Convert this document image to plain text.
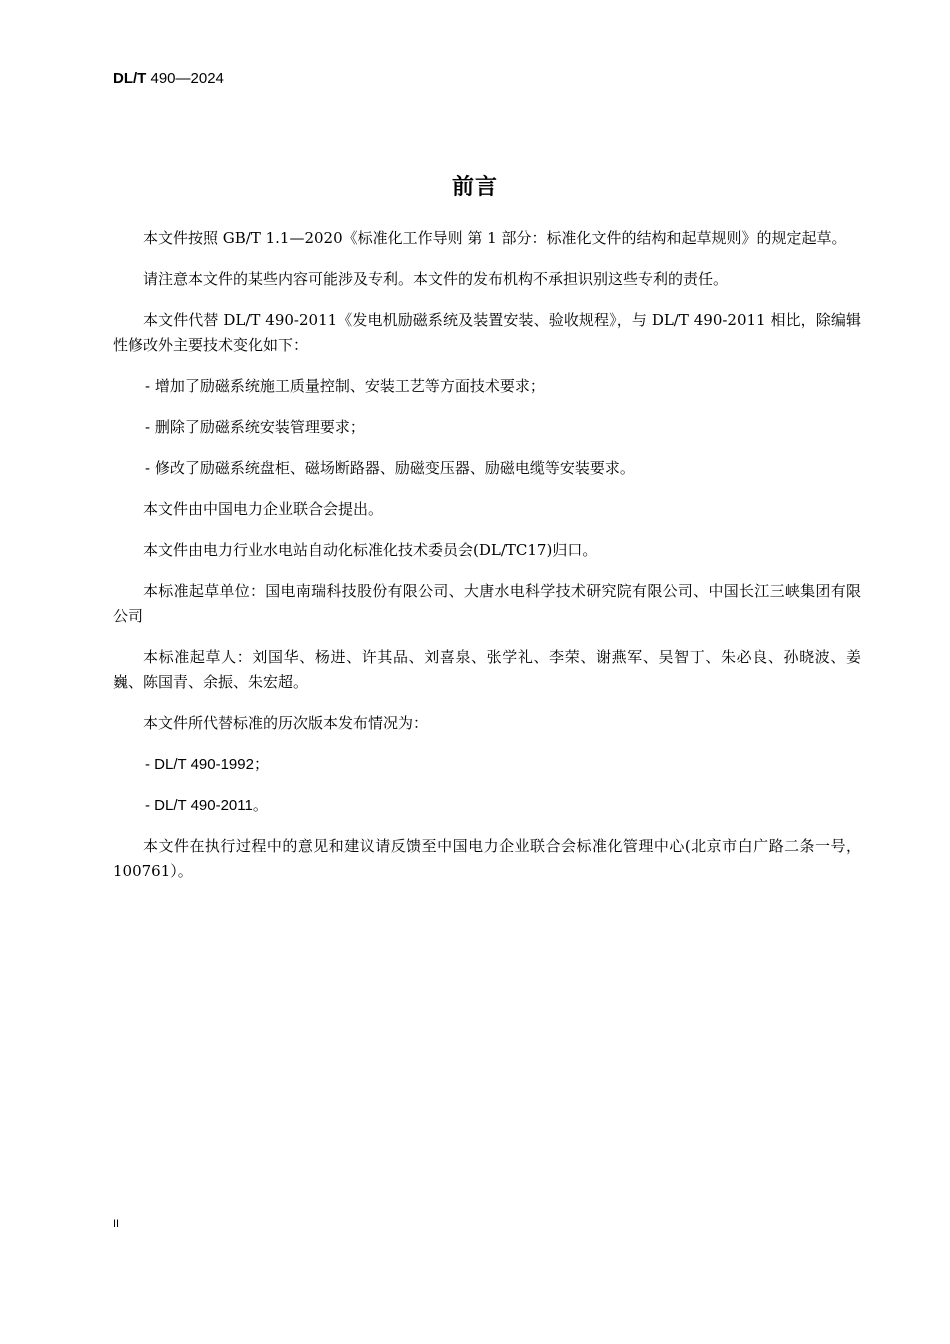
DL/T 490—2024
前言

本文件按照 GB/T 1.1—2020《标准化工作导则 第 1 部分：标准化文件的结构和起草规则》的规定起草。

请注意本文件的某些内容可能涉及专利。本文件的发布机构不承担识别这些专利的责任。

本文件代替 DL/T 490-2011《发电机励磁系统及装置安装、验收规程》，与 DL/T 490-2011 相比，除编辑性修改外主要技术变化如下：

- 增加了励磁系统施工质量控制、安装工艺等方面技术要求；

- 删除了励磁系统安装管理要求；

- 修改了励磁系统盘柜、磁场断路器、励磁变压器、励磁电缆等安装要求。

本文件由中国电力企业联合会提出。

本文件由电力行业水电站自动化标准化技术委员会(DL/TC17)归口。

本标准起草单位：国电南瑞科技股份有限公司、大唐水电科学技术研究院有限公司、中国长江三峡集团有限公司

本标准起草人：刘国华、杨进、许其品、刘喜泉、张学礼、李荣、谢燕军、吴智丁、朱必良、孙晓波、姜巍、陈国青、余振、朱宏超。

本文件所代替标准的历次版本发布情况为：

- DL/T 490-1992；

- DL/T 490-2011。

本文件在执行过程中的意见和建议请反馈至中国电力企业联合会标准化管理中心(北京市白广路二条一号，100761）。

II
